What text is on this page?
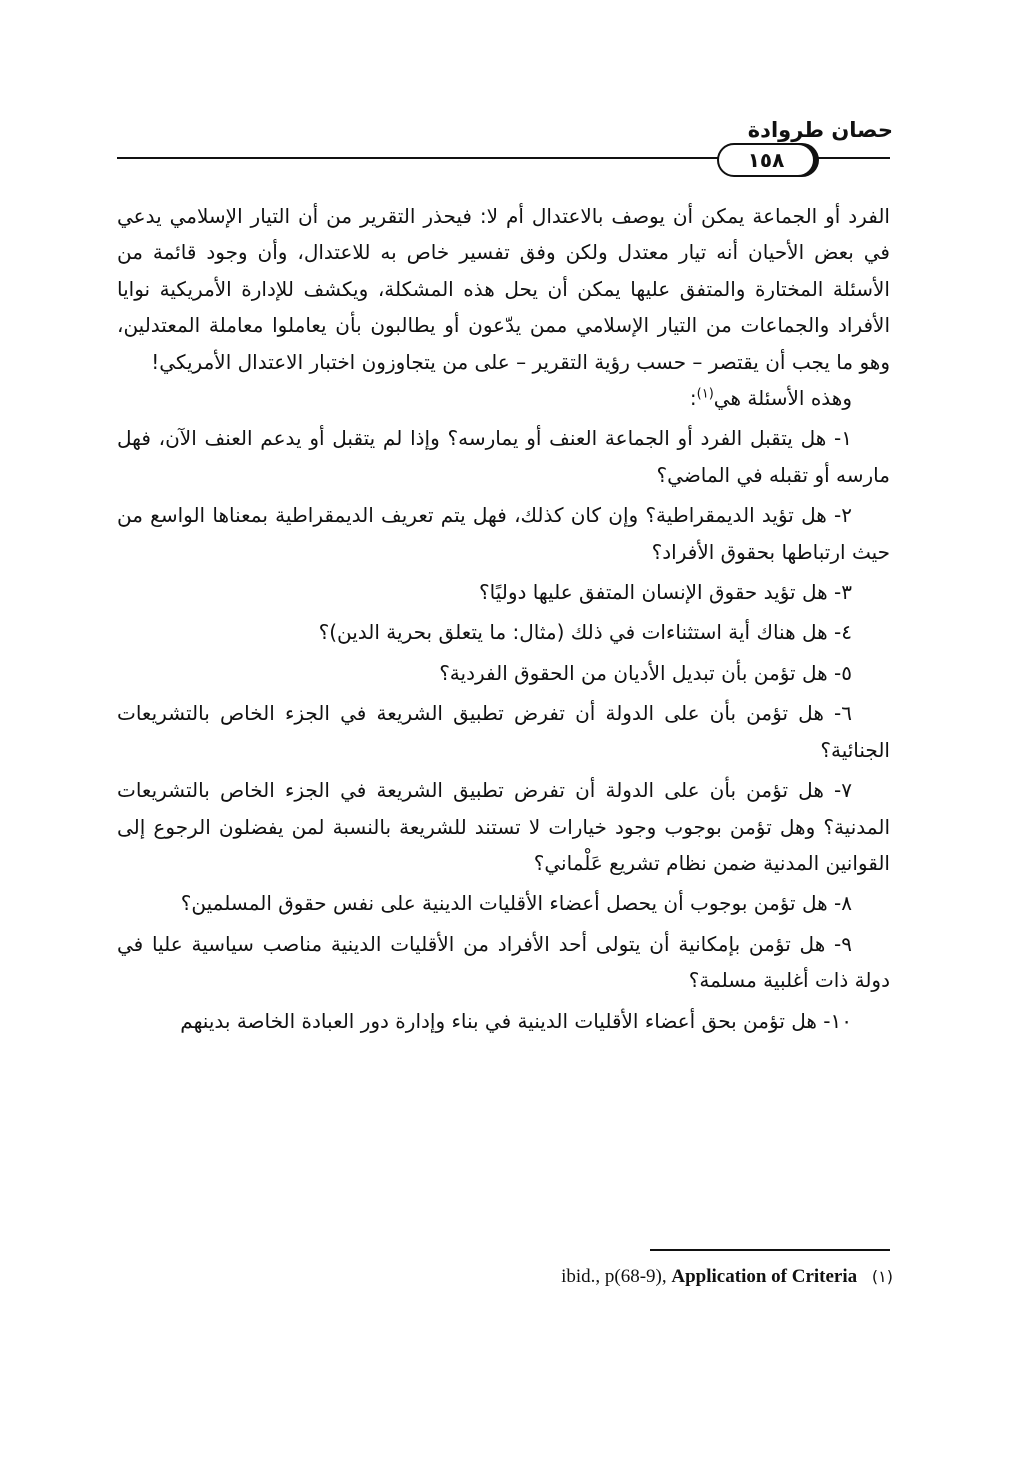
حصان طروادة
١٥٨

الفرد أو الجماعة يمكن أن يوصف بالاعتدال أم لا: فيحذر التقرير من أن التيار الإسلامي يدعي في بعض الأحيان أنه تيار معتدل ولكن وفق تفسير خاص به للاعتدال، وأن وجود قائمة من الأسئلة المختارة والمتفق عليها يمكن أن يحل هذه المشكلة، ويكشف للإدارة الأمريكية نوايا الأفراد والجماعات من التيار الإسلامي ممن يدّعون أو يطالبون بأن يعاملوا معاملة المعتدلين، وهو ما يجب أن يقتصر – حسب رؤية التقرير – على من يتجاوزون اختبار الاعتدال الأمريكي!

وهذه الأسئلة هي$^{(١)}$:

١- هل يتقبل الفرد أو الجماعة العنف أو يمارسه؟ وإذا لم يتقبل أو يدعم العنف الآن، فهل مارسه أو تقبله في الماضي؟

٢- هل تؤيد الديمقراطية؟ وإن كان كذلك، فهل يتم تعريف الديمقراطية بمعناها الواسع من حيث ارتباطها بحقوق الأفراد؟

٣- هل تؤيد حقوق الإنسان المتفق عليها دوليًا؟

٤- هل هناك أية استثناءات في ذلك (مثال: ما يتعلق بحرية الدين)؟

٥- هل تؤمن بأن تبديل الأديان من الحقوق الفردية؟

٦- هل تؤمن بأن على الدولة أن تفرض تطبيق الشريعة في الجزء الخاص بالتشريعات الجنائية؟

٧- هل تؤمن بأن على الدولة أن تفرض تطبيق الشريعة في الجزء الخاص بالتشريعات المدنية؟ وهل تؤمن بوجوب وجود خيارات لا تستند للشريعة بالنسبة لمن يفضلون الرجوع إلى القوانين المدنية ضمن نظام تشريع عَلْماني؟

٨- هل تؤمن بوجوب أن يحصل أعضاء الأقليات الدينية على نفس حقوق المسلمين؟

٩- هل تؤمن بإمكانية أن يتولى أحد الأفراد من الأقليات الدينية مناصب سياسية عليا في دولة ذات أغلبية مسلمة؟

١٠- هل تؤمن بحق أعضاء الأقليات الدينية في بناء وإدارة دور العبادة الخاصة بدينهم

ibid., p(68-9), Application of Criteria (١)
